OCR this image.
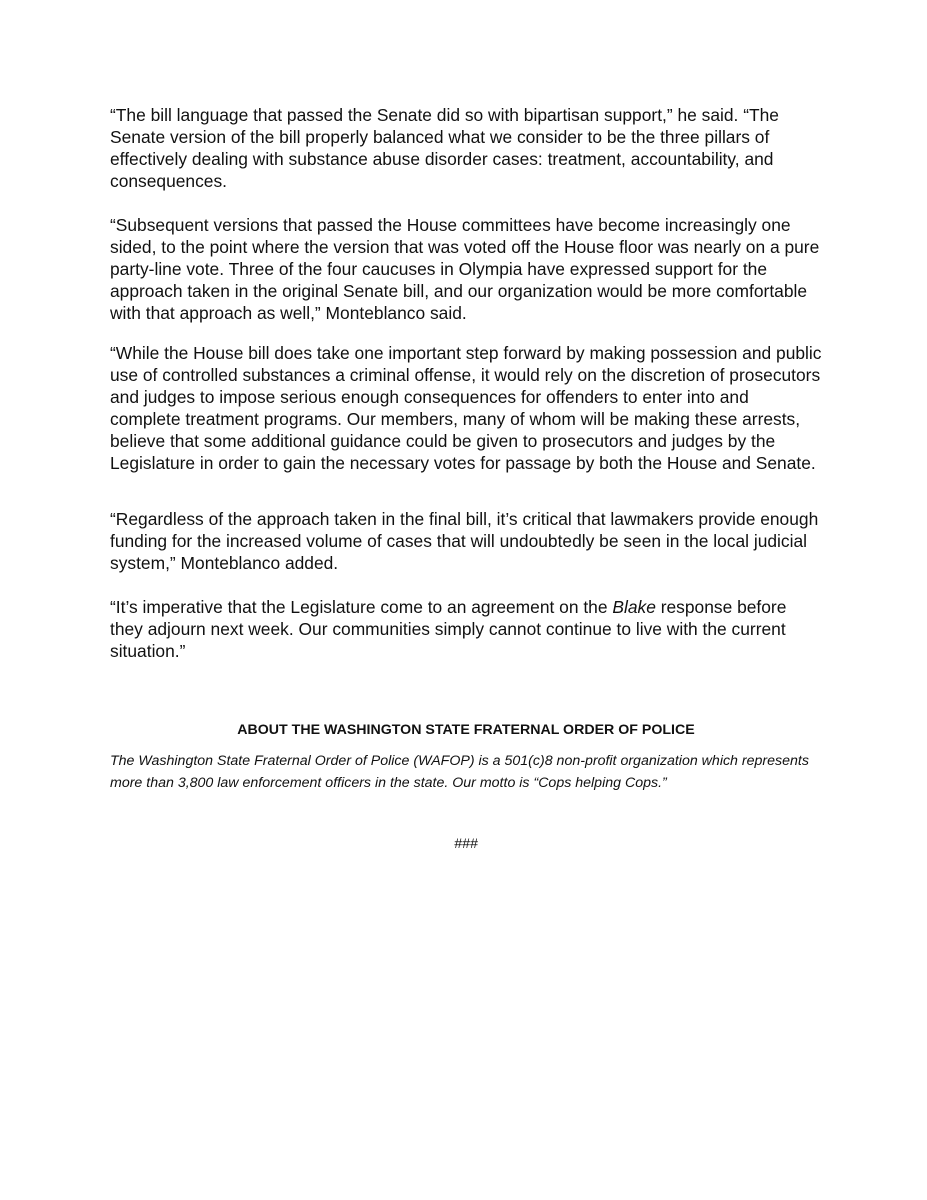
“The bill language that passed the Senate did so with bipartisan support,” he said. “The Senate version of the bill properly balanced what we consider to be the three pillars of effectively dealing with substance abuse disorder cases: treatment, accountability, and consequences.

“Subsequent versions that passed the House committees have become increasingly one sided, to the point where the version that was voted off the House floor was nearly on a pure party-line vote. Three of the four caucuses in Olympia have expressed support for the approach taken in the original Senate bill, and our organization would be more comfortable with that approach as well,” Monteblanco said.

“While the House bill does take one important step forward by making possession and public use of controlled substances a criminal offense, it would rely on the discretion of prosecutors and judges to impose serious enough consequences for offenders to enter into and complete treatment programs. Our members, many of whom will be making these arrests, believe that some additional guidance could be given to prosecutors and judges by the Legislature in order to gain the necessary votes for passage by both the House and Senate.

“Regardless of the approach taken in the final bill, it’s critical that lawmakers provide enough funding for the increased volume of cases that will undoubtedly be seen in the local judicial system,” Monteblanco added.

“It’s imperative that the Legislature come to an agreement on the Blake response before they adjourn next week. Our communities simply cannot continue to live with the current situation.”

ABOUT THE WASHINGTON STATE FRATERNAL ORDER OF POLICE

The Washington State Fraternal Order of Police (WAFOP) is a 501(c)8 non-profit organization which represents more than 3,800 law enforcement officers in the state. Our motto is “Cops helping Cops.”

###
